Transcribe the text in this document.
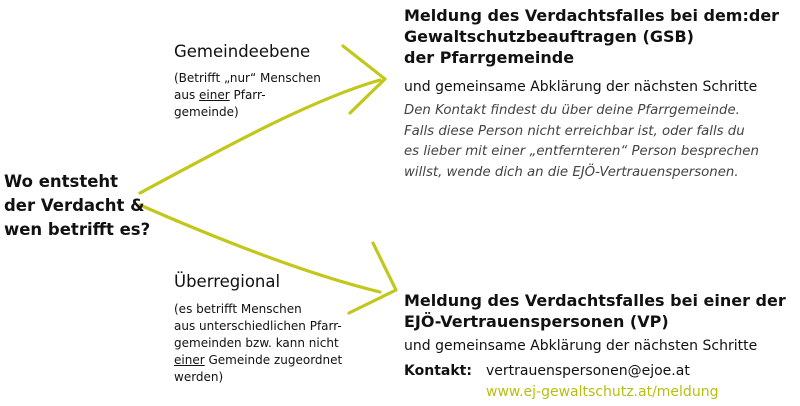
Wo entsteht
der Verdacht &
wen betrifft es?
Gemeindeebene
(Betrifft „nur“ Menschen
aus einer Pfarr-
gemeinde)
Überregional
(es betrifft Menschen
aus unterschiedlichen Pfarr-
gemeinden bzw. kann nicht
einer Gemeinde zugeordnet
werden)
Meldung des Verdachtsfalles bei dem:der
Gewaltschutzbeauftragen (GSB)
der Pfarrgemeinde
und gemeinsame Abklärung der nächsten Schritte
Den Kontakt findest du über deine Pfarrgemeinde.
Falls diese Person nicht erreichbar ist, oder falls du
es lieber mit einer „entfernteren“ Person besprechen
willst, wende dich an die EJÖ-Vertrauenspersonen.
Meldung des Verdachtsfalles bei einer der
EJÖ-Vertrauenspersonen (VP)
und gemeinsame Abklärung der nächsten Schritte
Kontakt: vertrauenspersonen@ejoe.at
www.ej-gewaltschutz.at/meldung
